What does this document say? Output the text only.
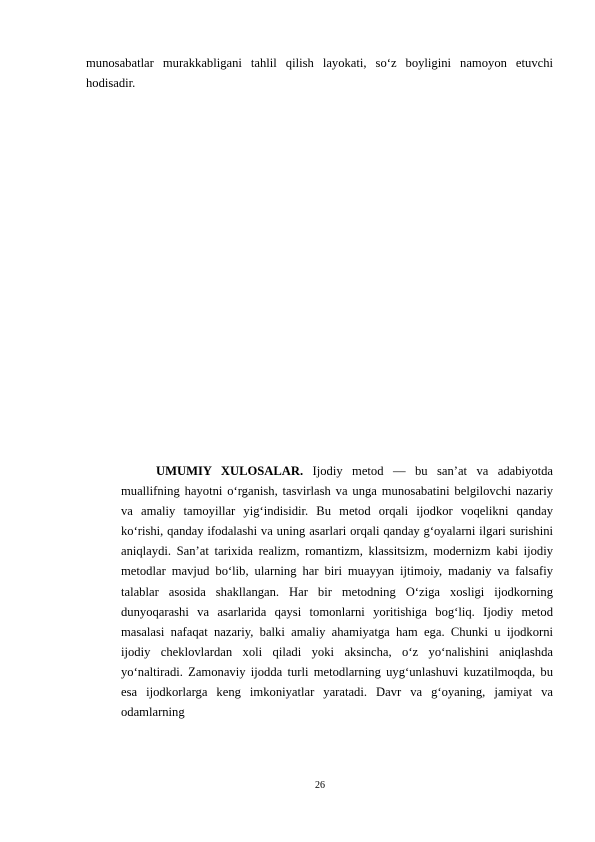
munosabatlar murakkabligani tahlil qilish layokati, so‘z boyligini namoyon etuvchi hodisadir.

UMUMIY XULOSALAR. Ijodiy metod — bu san’at va adabiyotda muallifning hayotni o‘rganish, tasvirlash va unga munosabatini belgilovchi nazariy va amaliy tamoyillar yig‘indisidir. Bu metod orqali ijodkor voqelikni qanday ko‘rishi, qanday ifodalashi va uning asarlari orqali qanday g‘oyalarni ilgari surishini aniqlaydi. San’at tarixida realizm, romantizm, klassitsizm, modernizm kabi ijodiy metodlar mavjud bo‘lib, ularning har biri muayyan ijtimoiy, madaniy va falsafiy talablar asosida shakllangan. Har bir metodning O‘ziga xosligi ijodkorning dunyoqarashi va asarlarida qaysi tomonlarni yoritishiga bog‘liq. Ijodiy metod masalasi nafaqat nazariy, balki amaliy ahamiyatga ham ega. Chunki u ijodkorni ijodiy cheklovlardan xoli qiladi yoki aksincha, o‘z yo‘nalishini aniqlashda yo‘naltiradi. Zamonaviy ijodda turli metodlarning uyg‘unlashuvi kuzatilmoqda, bu esa ijodkorlarga keng imkoniyatlar yaratadi. Davr va g‘oyaning, jamiyat va odamlarning

26
